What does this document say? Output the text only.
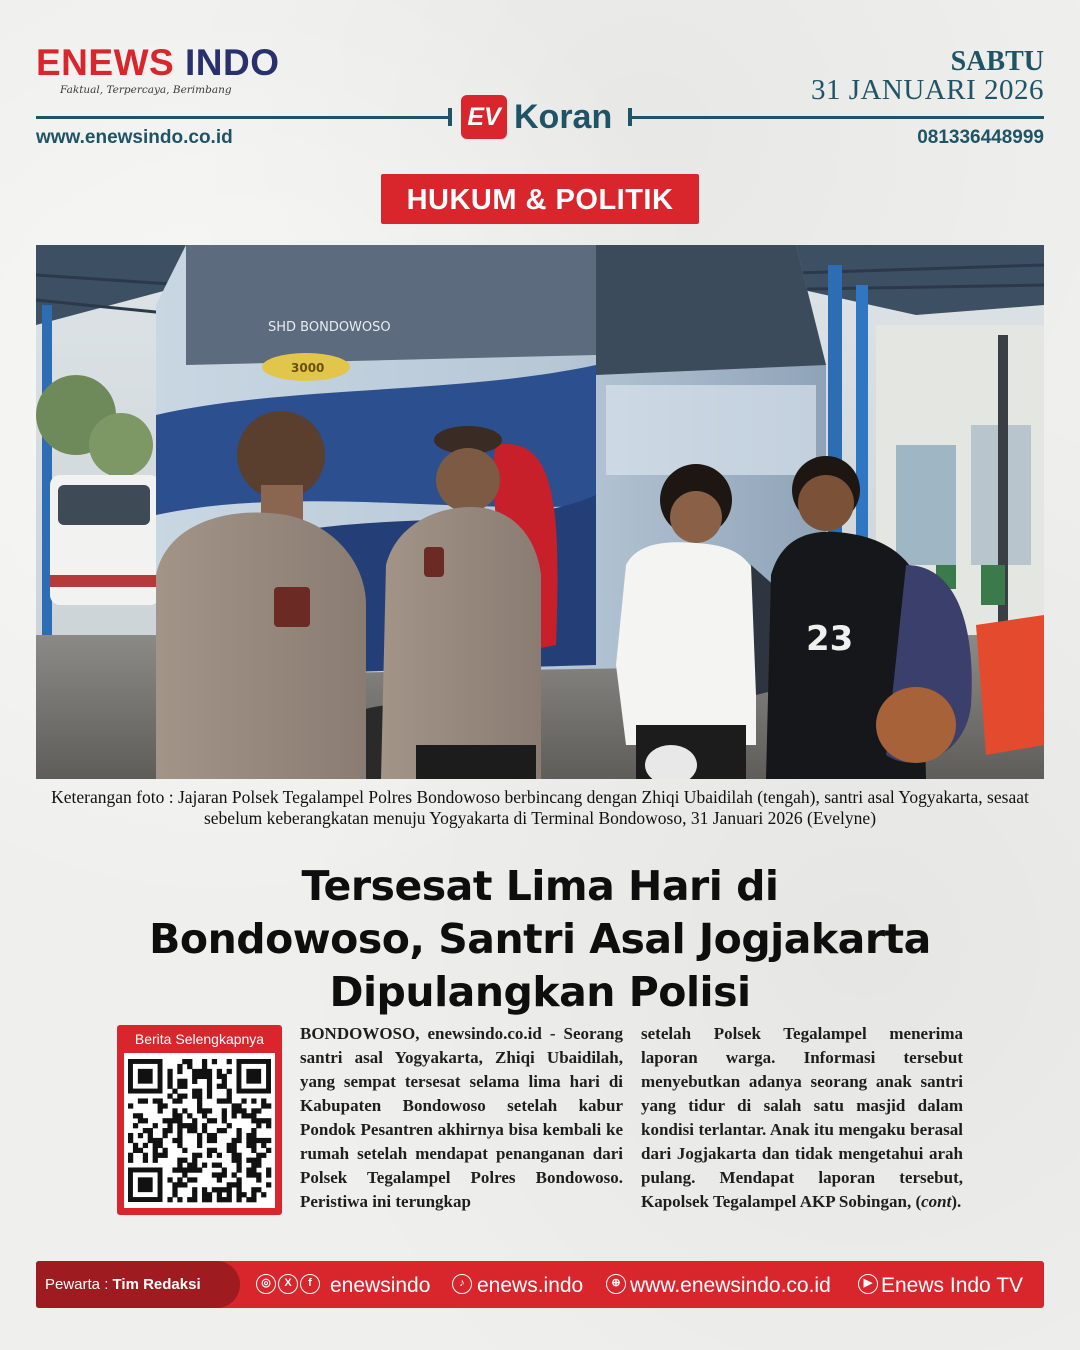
ENEWS INDO
Faktual, Terpercaya, Berimbang
SABTU
31 JANUARI 2026
EV Koran
www.enewsindo.co.id	081336448999
HUKUM & POLITIK
SHD BONDOWOSO
3000
23
Keterangan foto : Jajaran Polsek Tegalampel Polres Bondowoso berbincang dengan Zhiqi Ubaidilah (tengah), santri asal Yogyakarta, sesaat sebelum keberangkatan menuju Yogyakarta di Terminal Bondowoso, 31 Januari 2026 (Evelyne)
Tersesat Lima Hari di
Bondowoso, Santri Asal Jogjakarta
Dipulangkan Polisi
Berita Selengkapnya	BONDOWOSO, enewsindo.co.id - Seorang santri asal Yogyakarta, Zhiqi Ubaidilah, yang sempat tersesat selama lima hari di Kabupaten Bondowoso setelah kabur Pondok Pesantren akhirnya bisa kembali ke rumah setelah mendapat penanganan dari Polsek Tegalampel Polres Bondowoso. Peristiwa ini terungkap
setelah Polsek Tegalampel menerima laporan warga. Informasi tersebut menyebutkan adanya seorang anak santri yang tidur di salah satu masjid dalam kondisi terlantar. Anak itu mengaku berasal dari Jogjakarta dan tidak mengetahui arah pulang. Mendapat laporan tersebut, Kapolsek Tegalampel AKP Sobingan, (cont).
Pewarta : Tim Redaksi	◎	X	f enewsindo	♪ enews.indo	⊕ www.enewsindo.co.id	▶ Enews Indo TV
